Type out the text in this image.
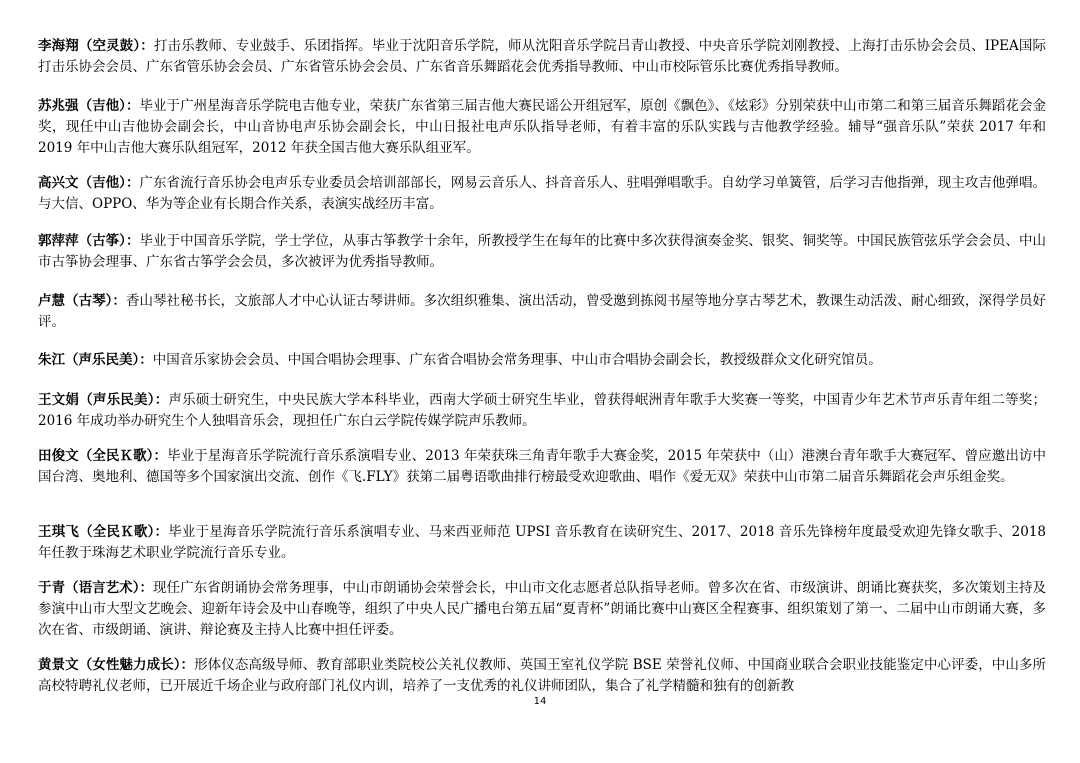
李海翔（空灵鼓）：打击乐教师、专业鼓手、乐团指挥。毕业于沈阳音乐学院，师从沈阳音乐学院吕青山教授、中央音乐学院刘刚教授、上海打击乐协会会员、IPEA国际打击乐协会会员、广东省管乐协会会员、广东省管乐协会会员、广东省音乐舞蹈花会优秀指导教师、中山市校际管乐比赛优秀指导教师。

苏兆强（吉他）：毕业于广州星海音乐学院电吉他专业，荣获广东省第三届吉他大赛民谣公开组冠军，原创《飘色》、《炫彩》分别荣获中山市第二和第三届音乐舞蹈花会金奖，现任中山吉他协会副会长，中山音协电声乐协会副会长，中山日报社电声乐队指导老师，有着丰富的乐队实践与吉他教学经验。辅导“强音乐队”荣获 2017 年和 2019 年中山吉他大赛乐队组冠军，2012 年获全国吉他大赛乐队组亚军。

高兴文（吉他）：广东省流行音乐协会电声乐专业委员会培训部部长，网易云音乐人、抖音音乐人、驻唱弹唱歌手。自幼学习单簧管，后学习吉他指弹，现主攻吉他弹唱。与大信、OPPO、华为等企业有长期合作关系，表演实战经历丰富。

郭萍萍（古筝）：毕业于中国音乐学院，学士学位，从事古筝教学十余年，所教授学生在每年的比赛中多次获得演奏金奖、银奖、铜奖等。中国民族管弦乐学会会员、中山市古筝协会理事、广东省古筝学会会员，多次被评为优秀指导教师。

卢慧（古琴）：香山琴社秘书长，文旅部人才中心认证古琴讲师。多次组织雅集、演出活动，曾受邀到拣阅书屋等地分享古琴艺术，教课生动活泼、耐心细致，深得学员好评。

朱江（声乐民美）：中国音乐家协会会员、中国合唱协会理事、广东省合唱协会常务理事、中山市合唱协会副会长，教授级群众文化研究馆员。

王文娟（声乐民美）：声乐硕士研究生，中央民族大学本科毕业，西南大学硕士研究生毕业，曾获得岷洲青年歌手大奖赛一等奖，中国青少年艺术节声乐青年组二等奖；2016 年成功举办研究生个人独唱音乐会，现担任广东白云学院传媒学院声乐教师。

田俊文（全民Ｋ歌）：毕业于星海音乐学院流行音乐系演唱专业、2013 年荣获珠三角青年歌手大赛金奖，2015 年荣获中（山）港澳台青年歌手大赛冠军、曾应邀出访中国台湾、奥地利、德国等多个国家演出交流、创作《飞.FLY》获第二届粤语歌曲排行榜最受欢迎歌曲、唱作《爱无双》荣获中山市第二届音乐舞蹈花会声乐组金奖。

王琪飞（全民Ｋ歌）：毕业于星海音乐学院流行音乐系演唱专业、马来西亚师范 UPSI 音乐教育在读研究生、2017、2018 音乐先锋榜年度最受欢迎先锋女歌手、2018 年任教于珠海艺术职业学院流行音乐专业。

于青（语言艺术）：现任广东省朗诵协会常务理事，中山市朗诵协会荣誉会长，中山市文化志愿者总队指导老师。曾多次在省、市级演讲、朗诵比赛获奖，多次策划主持及参演中山市大型文艺晚会、迎新年诗会及中山春晚等，组织了中央人民广播电台第五届“夏青杯”朗诵比赛中山赛区全程赛事、组织策划了第一、二届中山市朗诵大赛，多次在省、市级朗诵、演讲、辩论赛及主持人比赛中担任评委。

黄景文（女性魅力成长）：形体仪态高级导师、教育部职业类院校公关礼仪教师、英国王室礼仪学院 BSE 荣誉礼仪师、中国商业联合会职业技能鉴定中心评委，中山多所高校特聘礼仪老师，已开展近千场企业与政府部门礼仪内训，培养了一支优秀的礼仪讲师团队，集合了礼学精髓和独有的创新教

14
